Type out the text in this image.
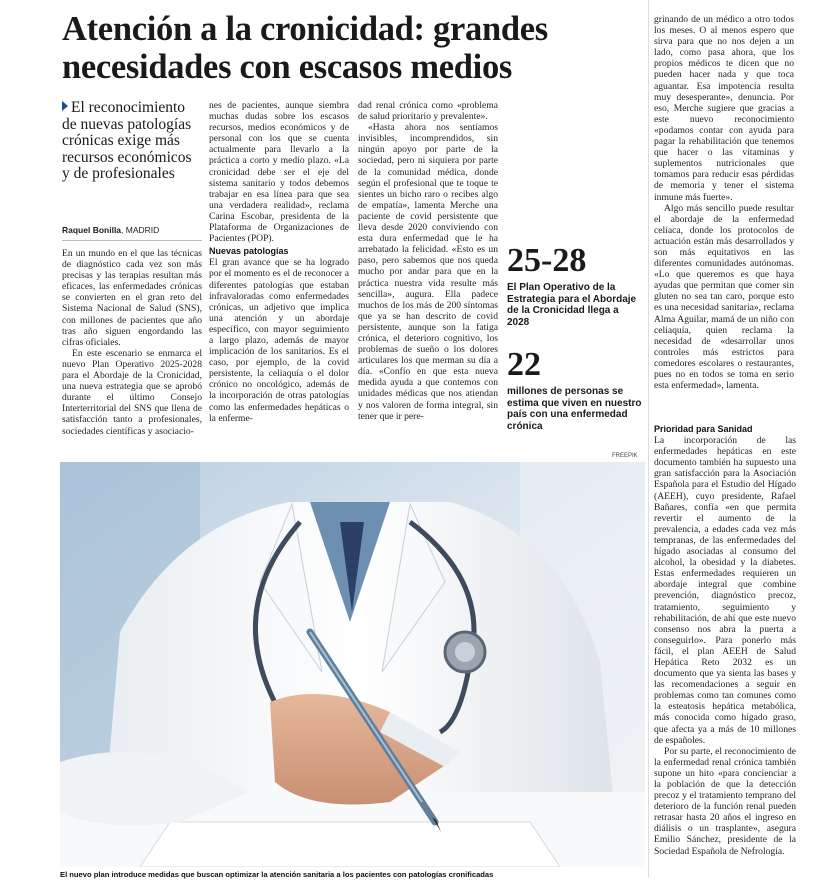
Atención a la cronicidad: grandes necesidades con escasos medios
El reconocimiento de nuevas patologías crónicas exige más recursos económicos y de profesionales
Raquel Bonilla, MADRID

En un mundo en el que las técnicas de diagnóstico cada vez son más precisas y las terapias resultan más eficaces, las enfermedades crónicas se convierten en el gran reto del Sistema Nacional de Salud (SNS), con millones de pacientes que año tras año siguen engordando las cifras oficiales.

En este escenario se enmarca el nuevo Plan Operativo 2025-2028 para el Abordaje de la Cronicidad, una nueva estrategia que se aprobó durante el último Consejo Interterritorial del SNS que llena de satisfacción tanto a profesionales, sociedades científicas y asociacio-

nes de pacientes, aunque siembra muchas dudas sobre los escasos recursos, medios económicos y de personal con los que se cuenta actualmente para llevarlo a la práctica a corto y medio plazo. «La cronicidad debe ser el eje del sistema sanitario y todos debemos trabajar en esa línea para que sea una verdadera realidad», reclama Carina Escobar, presidenta de la Plataforma de Organizaciones de Pacientes (POP).

Nuevas patologías

El gran avance que se ha logrado por el momento es el de reconocer a diferentes patologías que estaban infravaloradas como enfermedades crónicas, un adjetivo que implica una atención y un abordaje específico, con mayor seguimiento a largo plazo, además de mayor implicación de los sanitarios. Es el caso, por ejemplo, de la covid persistente, la celiaquía o el dolor crónico no oncológico, además de la incorporación de otras patologías como las enfermedades hepáticas o la enferme-

dad renal crónica como «problema de salud prioritario y prevalente».

«Hasta ahora nos sentíamos invisibles, incomprendidos, sin ningún apoyo por parte de la sociedad, pero ni siquiera por parte de la comunidad médica, donde según el profesional que te toque te sientes un bicho raro o recibes algo de empatía», lamenta Merche una paciente de covid persistente que lleva desde 2020 conviviendo con esta dura enfermedad que le ha arrebatado la felicidad. «Esto es un paso, pero sabemos que nos queda mucho por andar para que en la práctica nuestra vida resulte más sencilla», augura. Ella padece muchos de los más de 200 síntomas que ya se han descrito de covid persistente, aunque son la fatiga crónica, el deterioro cognitivo, los problemas de sueño o los dolores articulares los que merman su día a día. «Confío en que esta nueva medida ayuda a que contemos con unidades médicas que nos atiendan y nos valoren de forma integral, sin tener que ir pere-

25-28
El Plan Operativo de la Estrategia para el Abordaje de la Cronicidad llega a 2028
22
millones de personas se estima que viven en nuestro país con una enfermedad crónica

grinando de un médico a otro todos los meses. O al menos espero que sirva para que no nos dejen a un lado, como pasa ahora, que los propios médicos te dicen que no pueden hacer nada y que toca aguantar. Esa impotencia resulta muy desesperante», denuncia. Por eso, Merche sugiere que gracias a este nuevo reconocimiento «podamos contar con ayuda para pagar la rehabilitación que tenemos que hacer o las vitaminas y suplementos nutricionales que tomamos para reducir esas pérdidas de memoria y tener el sistema inmune más fuerte».

Algo más sencillo puede resultar el abordaje de la enfermedad celíaca, donde los protocolos de actuación están más desarrollados y son más equitativos en las diferentes comunidades autónomas. «Lo que queremos es que haya ayudas que permitan que comer sin gluten no sea tan caro, porque esto es una necesidad sanitaria», reclama Alma Aguilar, mamá de un niño con celiaquía, quien reclama la necesidad de «desarrollar unos controles más estrictos para comedores escolares o restaurantes, pues no en todos se toma en serio esta enfermedad», lamenta.

Prioridad para Sanidad

La incorporación de las enfermedades hepáticas en este documento también ha supuesto una gran satisfacción para la Asociación Española para el Estudio del Hígado (AEEH), cuyo presidente, Rafael Bañares, confía «en que permita revertir el aumento de la prevalencia, a edades cada vez más tempranas, de las enfermedades del hígado asociadas al consumo del alcohol, la obesidad y la diabetes. Estas enfermedades requieren un abordaje integral que combine prevención, diagnóstico precoz, tratamiento, seguimiento y rehabilitación, de ahí que este nuevo consenso nos abra la puerta a conseguirlo». Para ponerlo más fácil, el plan AEEH de Salud Hepática Reto 2032 es un documento que ya sienta las bases y las recomendaciones a seguir en problemas como tan comunes como la esteatosis hepática metabólica, más conocida como hígado graso, que afecta ya a más de 10 millones de españoles.

Por su parte, el reconocimiento de la enfermedad renal crónica también supone un hito «para concienciar a la población de que la detección precoz y el tratamiento temprano del deterioro de la función renal pueden retrasar hasta 20 años el ingreso en diálisis o un trasplante», asegura Emilio Sánchez, presidente de la Sociedad Española de Nefrología.

FREEPIK
El nuevo plan introduce medidas que buscan optimizar la atención sanitaria a los pacientes con patologías cronificadas
